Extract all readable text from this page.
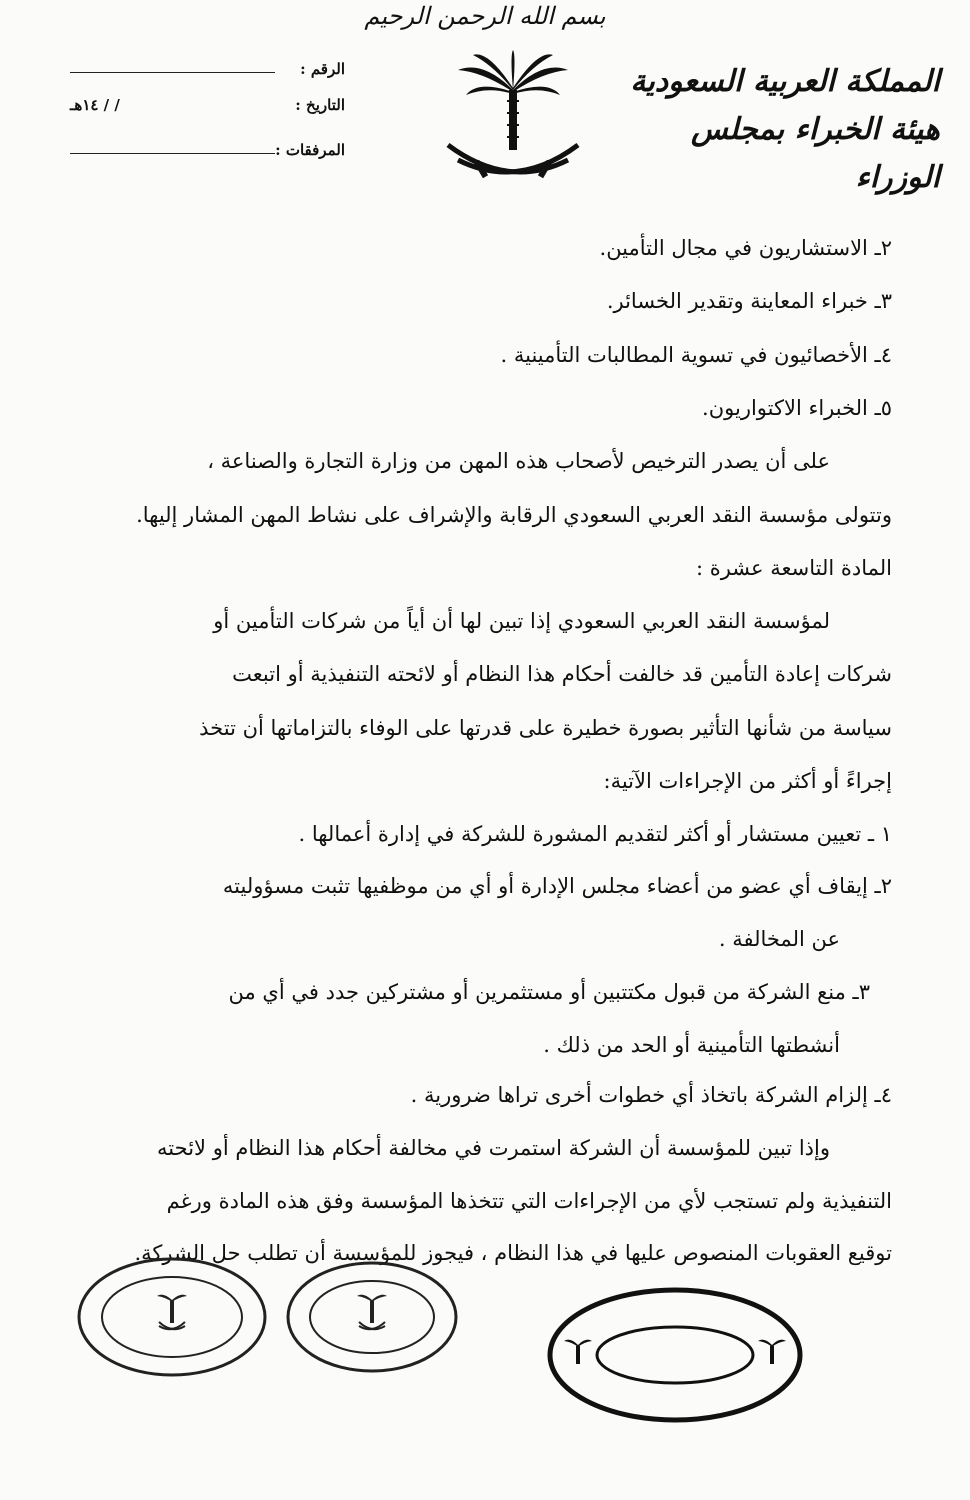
بسم الله الرحمن الرحيم
المملكة العربية السعودية
هيئة الخبراء بمجلس الوزراء
الرقم :
التاريخ :
/ / ١٤هـ
المرفقات :
٢ـ الاستشاريون في مجال التأمين.
٣ـ خبراء المعاينة وتقدير الخسائر.
٤ـ الأخصائيون في تسوية المطالبات التأمينية .
٥ـ الخبراء الاكتواريون.
على أن يصدر الترخيص لأصحاب هذه المهن من وزارة التجارة والصناعة ،
وتتولى مؤسسة النقد العربي السعودي الرقابة والإشراف على نشاط المهن المشار إليها.
المادة التاسعة عشرة :
لمؤسسة النقد العربي السعودي إذا تبين لها أن أياً من شركات التأمين أو
شركات إعادة التأمين قد خالفت أحكام هذا النظام أو لائحته التنفيذية أو اتبعت
سياسة من شأنها التأثير بصورة خطيرة على قدرتها على الوفاء بالتزاماتها أن تتخذ
إجراءً أو أكثر من الإجراءات الآتية:
١ ـ تعيين مستشار أو أكثر لتقديم المشورة للشركة في إدارة أعمالها .
٢ـ إيقاف أي عضو من أعضاء مجلس الإدارة أو أي من موظفيها تثبت مسؤوليته
عن المخالفة .
٣ـ منع الشركة من قبول مكتتبين أو مستثمرين أو مشتركين جدد في أي من
أنشطتها التأمينية أو الحد من ذلك .
٤ـ إلزام الشركة باتخاذ أي خطوات أخرى تراها ضرورية .
وإذا تبين للمؤسسة أن الشركة استمرت في مخالفة أحكام هذا النظام أو لائحته
التنفيذية ولم تستجب لأي من الإجراءات التي تتخذها المؤسسة وفق هذه المادة ورغم
توقيع العقوبات المنصوص عليها في هذا النظام ، فيجوز للمؤسسة أن تطلب حل الشركة.
